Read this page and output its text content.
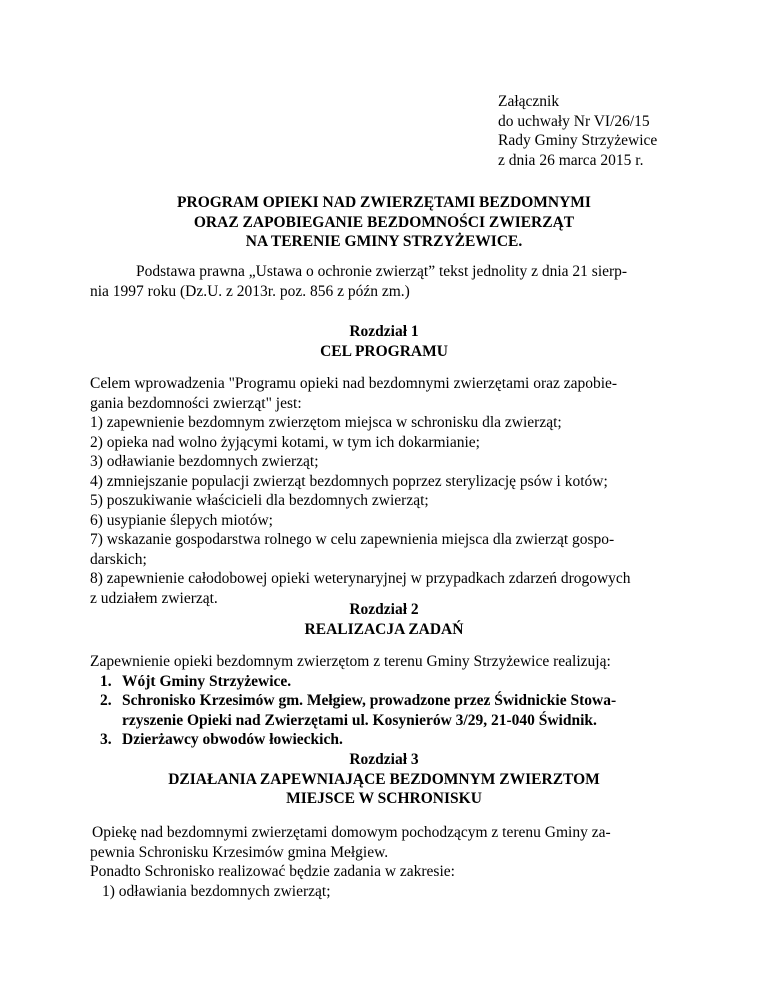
Załącznik
do uchwały Nr VI/26/15
Rady Gminy Strzyżewice
z dnia 26 marca 2015 r.
PROGRAM OPIEKI NAD ZWIERZĘTAMI BEZDOMNYMI
ORAZ ZAPOBIEGANIE BEZDOMNOŚCI ZWIERZĄT
NA TERENIE GMINY STRZYŻEWICE.
Podstawa prawna „Ustawa o ochronie zwierząt” tekst jednolity z dnia 21 sierp-
nia 1997 roku (Dz.U. z 2013r. poz. 856 z późn zm.)
Rozdział 1
CEL PROGRAMU
Celem wprowadzenia "Programu opieki nad bezdomnymi zwierzętami oraz zapobie-
gania bezdomności zwierząt" jest:
1) zapewnienie bezdomnym zwierzętom miejsca w schronisku dla zwierząt;
2) opieka nad wolno żyjącymi kotami, w tym ich dokarmianie;
3) odławianie bezdomnych zwierząt;
4) zmniejszanie populacji zwierząt bezdomnych poprzez sterylizację psów i kotów;
5) poszukiwanie właścicieli dla bezdomnych zwierząt;
6) usypianie ślepych miotów;
7) wskazanie gospodarstwa rolnego w celu zapewnienia miejsca dla zwierząt gospo-
darskich;
8) zapewnienie całodobowej opieki weterynaryjnej w przypadkach zdarzeń drogowych
z udziałem zwierząt.
Rozdział 2
REALIZACJA ZADAŃ
Zapewnienie opieki bezdomnym zwierzętom z terenu Gminy Strzyżewice realizują:
1. Wójt Gminy Strzyżewice.
2. Schronisko Krzesimów gm. Mełgiew, prowadzone przez Świdnickie Stowa-
rzyszenie Opieki nad Zwierzętami ul. Kosynierów 3/29, 21-040 Świdnik.
3. Dzierżawcy obwodów łowieckich.
Rozdział 3
DZIAŁANIA ZAPEWNIAJĄCE BEZDOMNYM ZWIERZTOM
MIEJSCE W SCHRONISKU
Opiekę nad bezdomnymi zwierzętami domowym pochodzącym z terenu Gminy za-
pewnia Schronisku Krzesimów gmina Mełgiew.
Ponadto Schronisko realizować będzie zadania w zakresie:
1) odławiania bezdomnych zwierząt;
